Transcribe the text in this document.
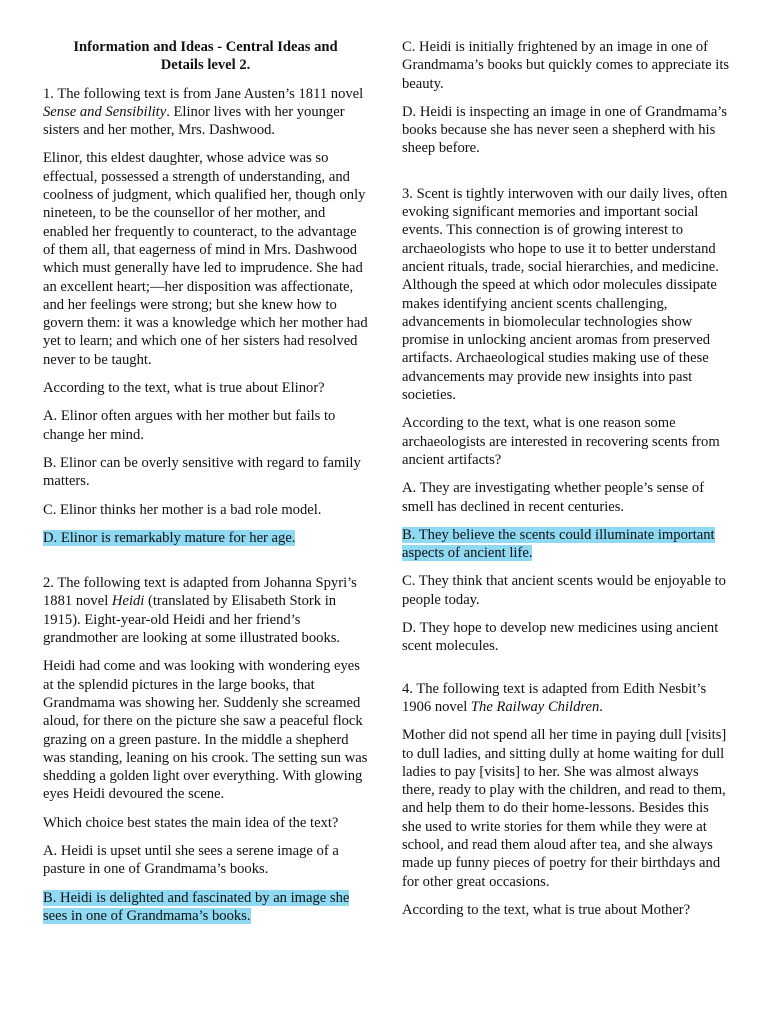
Information and Ideas - Central Ideas and
Details level 2.

1. The following text is from Jane Austen’s 1811 novel Sense and Sensibility. Elinor lives with her younger sisters and her mother, Mrs. Dashwood.

Elinor, this eldest daughter, whose advice was so effectual, possessed a strength of understanding, and coolness of judgment, which qualified her, though only nineteen, to be the counsellor of her mother, and enabled her frequently to counteract, to the advantage of them all, that eagerness of mind in Mrs. Dashwood which must generally have led to imprudence. She had an excellent heart;—her disposition was affectionate, and her feelings were strong; but she knew how to govern them: it was a knowledge which her mother had yet to learn; and which one of her sisters had resolved never to be taught.

According to the text, what is true about Elinor?

A. Elinor often argues with her mother but fails to change her mind.

B. Elinor can be overly sensitive with regard to family matters.

C. Elinor thinks her mother is a bad role model.

D. Elinor is remarkably mature for her age.

2. The following text is adapted from Johanna Spyri’s 1881 novel Heidi (translated by Elisabeth Stork in 1915). Eight-year-old Heidi and her friend’s grandmother are looking at some illustrated books.

Heidi had come and was looking with wondering eyes at the splendid pictures in the large books, that Grandmama was showing her. Suddenly she screamed aloud, for there on the picture she saw a peaceful flock grazing on a green pasture. In the middle a shepherd was standing, leaning on his crook. The setting sun was shedding a golden light over everything. With glowing eyes Heidi devoured the scene.

Which choice best states the main idea of the text?

A. Heidi is upset until she sees a serene image of a pasture in one of Grandmama’s books.

B. Heidi is delighted and fascinated by an image she sees in one of Grandmama’s books.

C. Heidi is initially frightened by an image in one of Grandmama’s books but quickly comes to appreciate its beauty.

D. Heidi is inspecting an image in one of Grandmama’s books because she has never seen a shepherd with his sheep before.

3. Scent is tightly interwoven with our daily lives, often evoking significant memories and important social events. This connection is of growing interest to archaeologists who hope to use it to better understand ancient rituals, trade, social hierarchies, and medicine. Although the speed at which odor molecules dissipate makes identifying ancient scents challenging, advancements in biomolecular technologies show promise in unlocking ancient aromas from preserved artifacts. Archaeological studies making use of these advancements may provide new insights into past societies.

According to the text, what is one reason some archaeologists are interested in recovering scents from ancient artifacts?

A. They are investigating whether people’s sense of smell has declined in recent centuries.

B. They believe the scents could illuminate important aspects of ancient life.

C. They think that ancient scents would be enjoyable to people today.

D. They hope to develop new medicines using ancient scent molecules.

4. The following text is adapted from Edith Nesbit’s 1906 novel The Railway Children.

Mother did not spend all her time in paying dull [visits] to dull ladies, and sitting dully at home waiting for dull ladies to pay [visits] to her. She was almost always there, ready to play with the children, and read to them, and help them to do their home-lessons. Besides this she used to write stories for them while they were at school, and read them aloud after tea, and she always made up funny pieces of poetry for their birthdays and for other great occasions.

According to the text, what is true about Mother?
